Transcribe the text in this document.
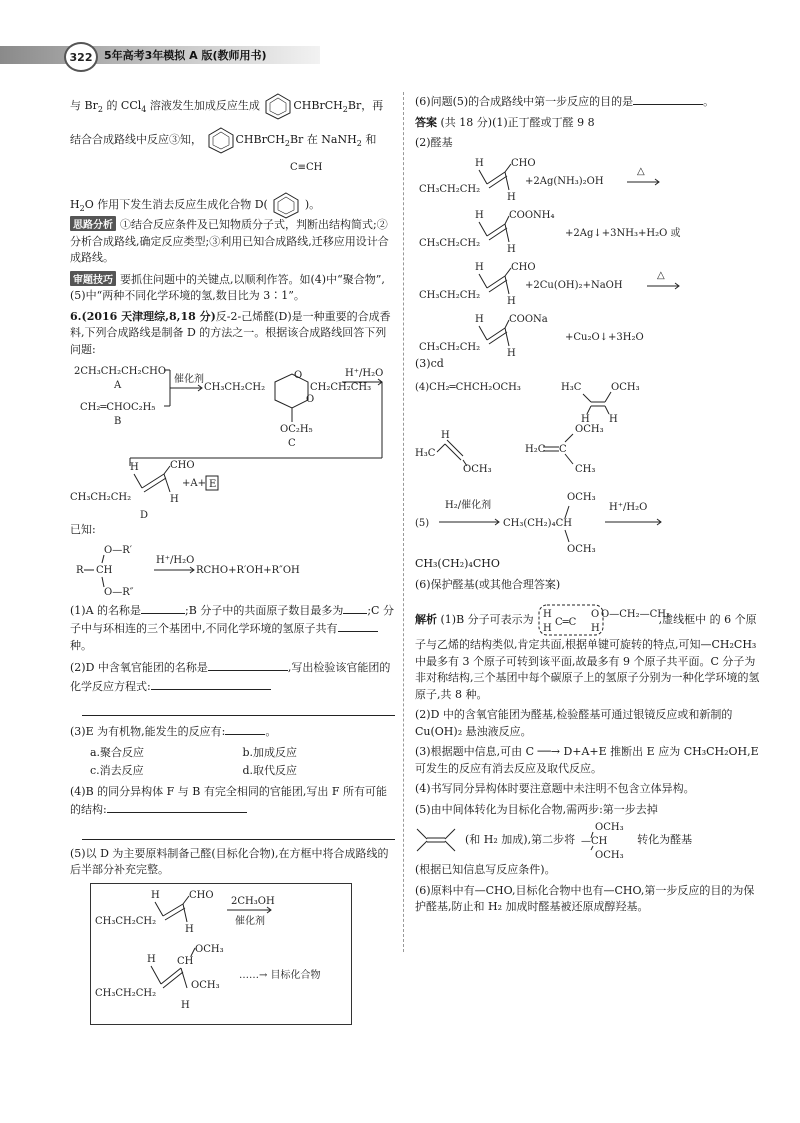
322	5年高考3年模拟 A 版(教师用书)
与 $Br_2$ 的 CCl$_4$ 溶液发生加成反应生成	CHBrCH$_2$Br，再
结合合成路线中反应③知，	CHBrCH$_2$Br 在 NaNH$_2$ 和
C≡CH
$H_2O$ 作用下发生消去反应生成化合物 D(	)。
思路分析 ①结合反应条件及已知物质分子式，判断出结构简式;②分析合成路线,确定反应类型;③利用已知合成路线,迁移应用设计合成路线。
审题技巧 要抓住问题中的关键点,以顺利作答。如(4)中“聚合物”,(5)中“两种不同化学环境的氢,数目比为 3∶1”。
6.(2016 天津理综,8,18 分)反-2-己烯醛(D)是一种重要的合成香料,下列合成路线是制备 D 的方法之一。根据该合成路线回答下列问题:
2CH₃CH₂CH₂CHO
A
CH₂═CHOC₂H₅
B
催化剂
CH₃CH₂CH₂
O
O
CH₂CH₂CH₃
OC₂H₅
C
H⁺/H₂O
H	CHO
CH₃CH₂CH₂	H
+A+ E
D
已知:
O—R′
R CH
O—R″
H⁺/H₂O
RCHO+R′OH+R″OH
(1)A 的名称是	;B 分子中的共面原子数目最多为 ;C 分子中与环相连的三个基团中,不同化学环境的氢原子共有种。
(2)D 中含氧官能团的名称是	,写出检验该官能团的化学反应方程式:
(3)E 为有机物,能发生的反应有:	。
a.聚合反应	b.加成反应
c.消去反应	d.取代反应
(4)B 的同分异构体 F 与 B 有完全相同的官能团,写出 F 所有可能的结构:
(5)以 D 为主要原料制备己醛(目标化合物),在方框中将合成路线的后半部分补充完整。
H	CHO
CH₃CH₂CH₂
H
2CH₃OH
催化剂
OCH₃
H CH
OCH₃
CH₃CH₂CH₂
H
……→ 目标化合物
(6)问题(5)的合成路线中第一步反应的目的是	。
答案 (共 18 分)(1)正丁醛或丁醛 9 8
(2)醛基
H	CHO
CH₃CH₂CH₂
H
+2Ag(NH₃)₂OH
△
H	COONH₄
CH₃CH₂CH₂
H
+2Ag↓+3NH₃+H₂O 或
H	CHO
CH₃CH₂CH₂
H
+2Cu(OH)₂+NaOH
△
H	COONa
CH₃CH₂CH₂
H
+Cu₂O↓+3H₂O
(3)cd
(4)CH₂═CHCH₂OCH₃	H₃C	OCH₃
H H
H₃C
H
OCH₃
H₂C C
OCH₃
CH₃
(5)
H₂/催化剂
CH₃(CH₂)₄CH
OCH₃
OCH₃
H⁺/H₂O
CH₃(CH₂)₄CHO
(6)保护醛基(或其他合理答案)
解析 (1)B 分子可表示为 H
H
C═C
O
H
O—CH₂—CH₃
,虚线框中 的 6 个原子与乙烯的结构类似,肯定共面,根据单键可旋转的特点,可知—CH₂CH₃ 中最多有 3 个原子可转到该平面,故最多有 9 个原子共平面。C 分子为非对称结构,三个基团中每个碳原子上的氢原子分别为一种化学环境的氢原子,共 8 种。
(2)D 中的含氧官能团为醛基,检验醛基可通过银镜反应或和新制的 Cu(OH)₂ 悬浊液反应。
(3)根据题中信息,可由 C ──→ D+A+E 推断出 E 应为 CH₃CH₂OH,E 可发生的反应有消去反应及取代反应。
(4)书写同分异构体时要注意题中未注明不包含立体异构。
(5)由中间体转化为目标化合物,需两步:第一步去掉
(和 H₂ 加成),第二步将
OCH₃
—CH
OCH₃
转化为醛基
(根据已知信息写反应条件)。
(6)原料中有—CHO,目标化合物中也有—CHO,第一步反应的目的为保护醛基,防止和 H₂ 加成时醛基被还原成醇羟基。
